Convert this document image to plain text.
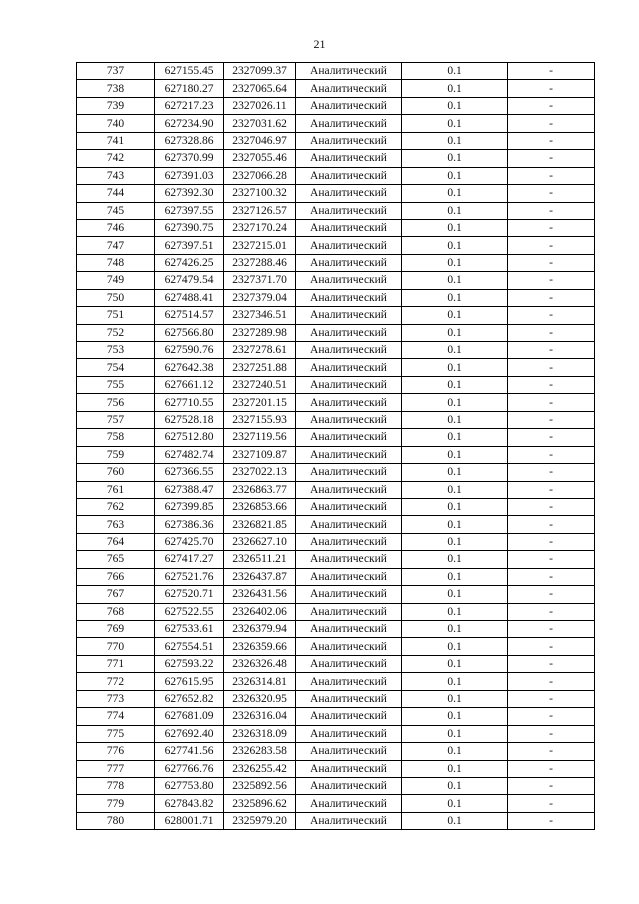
21
737	627155.45	2327099.37	Аналитический	0.1	-
738	627180.27	2327065.64	Аналитический	0.1	-
739	627217.23	2327026.11	Аналитический	0.1	-
740	627234.90	2327031.62	Аналитический	0.1	-
741	627328.86	2327046.97	Аналитический	0.1	-
742	627370.99	2327055.46	Аналитический	0.1	-
743	627391.03	2327066.28	Аналитический	0.1	-
744	627392.30	2327100.32	Аналитический	0.1	-
745	627397.55	2327126.57	Аналитический	0.1	-
746	627390.75	2327170.24	Аналитический	0.1	-
747	627397.51	2327215.01	Аналитический	0.1	-
748	627426.25	2327288.46	Аналитический	0.1	-
749	627479.54	2327371.70	Аналитический	0.1	-
750	627488.41	2327379.04	Аналитический	0.1	-
751	627514.57	2327346.51	Аналитический	0.1	-
752	627566.80	2327289.98	Аналитический	0.1	-
753	627590.76	2327278.61	Аналитический	0.1	-
754	627642.38	2327251.88	Аналитический	0.1	-
755	627661.12	2327240.51	Аналитический	0.1	-
756	627710.55	2327201.15	Аналитический	0.1	-
757	627528.18	2327155.93	Аналитический	0.1	-
758	627512.80	2327119.56	Аналитический	0.1	-
759	627482.74	2327109.87	Аналитический	0.1	-
760	627366.55	2327022.13	Аналитический	0.1	-
761	627388.47	2326863.77	Аналитический	0.1	-
762	627399.85	2326853.66	Аналитический	0.1	-
763	627386.36	2326821.85	Аналитический	0.1	-
764	627425.70	2326627.10	Аналитический	0.1	-
765	627417.27	2326511.21	Аналитический	0.1	-
766	627521.76	2326437.87	Аналитический	0.1	-
767	627520.71	2326431.56	Аналитический	0.1	-
768	627522.55	2326402.06	Аналитический	0.1	-
769	627533.61	2326379.94	Аналитический	0.1	-
770	627554.51	2326359.66	Аналитический	0.1	-
771	627593.22	2326326.48	Аналитический	0.1	-
772	627615.95	2326314.81	Аналитический	0.1	-
773	627652.82	2326320.95	Аналитический	0.1	-
774	627681.09	2326316.04	Аналитический	0.1	-
775	627692.40	2326318.09	Аналитический	0.1	-
776	627741.56	2326283.58	Аналитический	0.1	-
777	627766.76	2326255.42	Аналитический	0.1	-
778	627753.80	2325892.56	Аналитический	0.1	-
779	627843.82	2325896.62	Аналитический	0.1	-
780	628001.71	2325979.20	Аналитический	0.1	-
